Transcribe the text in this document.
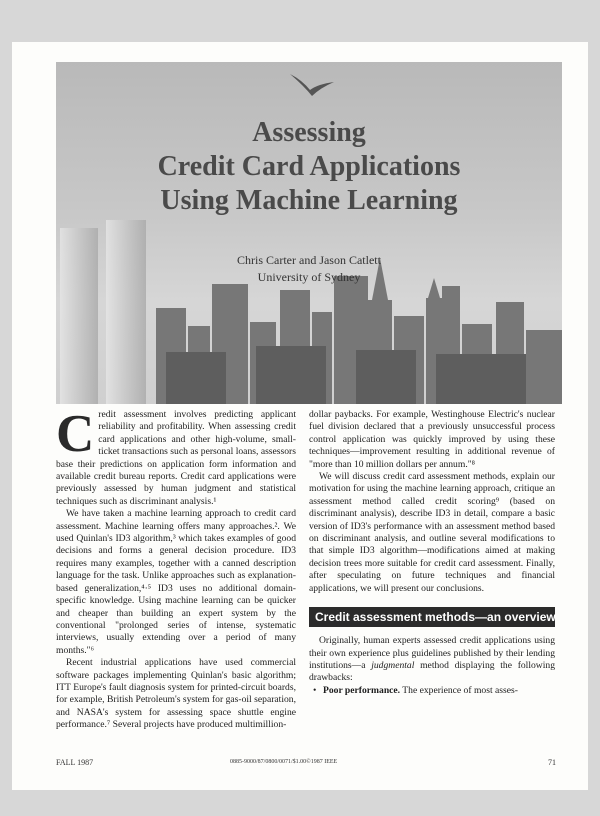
Assessing
Credit Card Applications
Using Machine Learning
Chris Carter and Jason Catlett
University of Sydney

Credit assessment involves predicting applicant reliability and profitability. When assessing credit card applications and other high-volume, small-ticket transactions such as personal loans, assessors base their predictions on application form information and available credit bureau reports. Credit card applications were previously assessed by human judgment and statistical techniques such as discriminant analysis.¹

We have taken a machine learning approach to credit card assessment. Machine learning offers many approaches.². We used Quinlan's ID3 algorithm,³ which takes examples of good decisions and forms a general decision procedure. ID3 requires many examples, together with a canned description language for the task. Unlike approaches such as explanation-based generalization,⁴·⁵ ID3 uses no additional domain-specific knowledge. Using machine learning can be quicker and cheaper than building an expert system by the conventional "prolonged series of intense, systematic interviews, usually extending over a period of many months."⁶

Recent industrial applications have used commercial software packages implementing Quinlan's basic algorithm; ITT Europe's fault diagnosis system for printed-circuit boards, for example, British Petroleum's system for gas-oil separation, and NASA's system for assessing space shuttle engine performance.⁷ Several projects have produced multimillion-

dollar paybacks. For example, Westinghouse Electric's nuclear fuel division declared that a previously unsuccessful process control application was quickly improved by using these techniques—improvement resulting in additional revenue of "more than 10 million dollars per annum."⁸

We will discuss credit card assessment methods, explain our motivation for using the machine learning approach, critique an assessment method called credit scoring⁹ (based on discriminant analysis), describe ID3 in detail, compare a basic version of ID3's performance with an assessment method based on discriminant analysis, and outline several modifications to that simple ID3 algorithm—modifications aimed at making decision trees more suitable for credit card assessment. Finally, after speculating on future techniques and financial applications, we will present our conclusions.

Credit assessment methods—an overview

Originally, human experts assessed credit applications using their own experience plus guidelines published by their lending institutions—a judgmental method displaying the following drawbacks:

• Poor performance. The experience of most asses-

FALL 1987	0885-9000/87/0800/0071/$1.00©1987 IEEE	71
